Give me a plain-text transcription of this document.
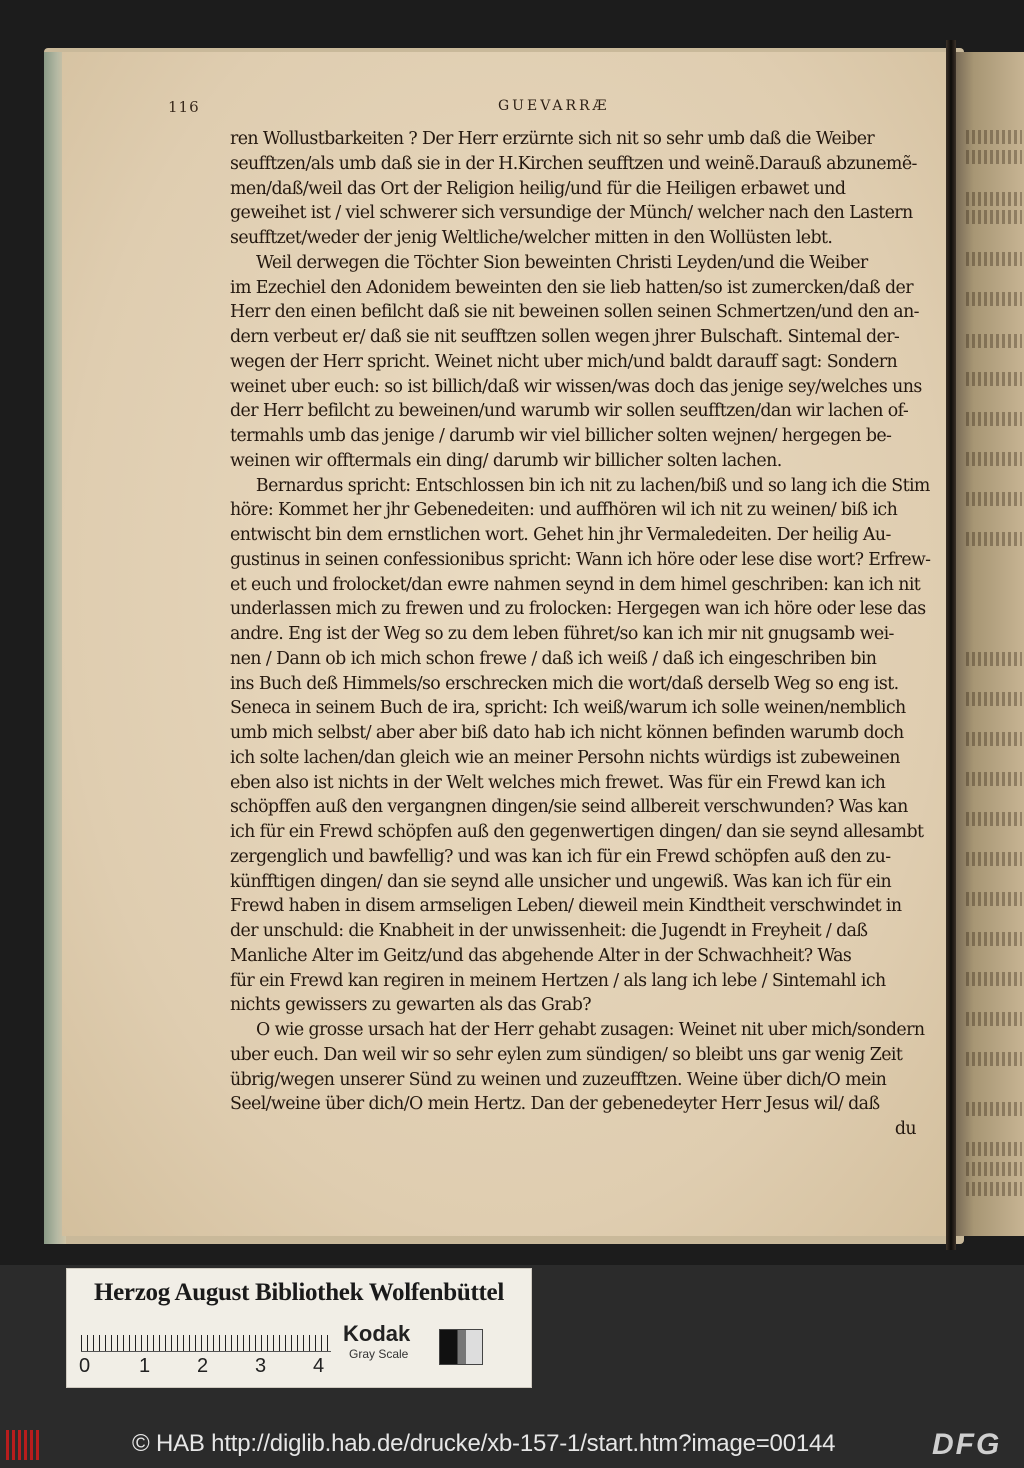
116	GUEVARRÆ
ren Wollustbarkeiten ? Der Herr erzürnte sich nit so sehr umb daß die Weiber
seufftzen/als umb daß sie in der H.Kirchen seufftzen und weinẽ.Darauß abzunemẽ-
men/daß/weil das Ort der Religion heilig/und für die Heiligen erbawet und
geweihet ist / viel schwerer sich versundige der Münch/ welcher nach den Lastern
seufftzet/weder der jenig Weltliche/welcher mitten in den Wollüsten lebt.
Weil derwegen die Töchter Sion beweinten Christi Leyden/und die Weiber
im Ezechiel den Adonidem beweinten den sie lieb hatten/so ist zumercken/daß der
Herr den einen befilcht daß sie nit beweinen sollen seinen Schmertzen/und den an-
dern verbeut er/ daß sie nit seufftzen sollen wegen jhrer Bulschaft. Sintemal der-
wegen der Herr spricht. Weinet nicht uber mich/und baldt darauff sagt: Sondern
weinet uber euch: so ist billich/daß wir wissen/was doch das jenige sey/welches uns
der Herr befilcht zu beweinen/und warumb wir sollen seufftzen/dan wir lachen of-
termahls umb das jenige / darumb wir viel billicher solten wejnen/ hergegen be-
weinen wir offtermals ein ding/ darumb wir billicher solten lachen.
Bernardus spricht: Entschlossen bin ich nit zu lachen/biß und so lang ich die Stim
höre: Kommet her jhr Gebenedeiten: und auffhören wil ich nit zu weinen/ biß ich
entwischt bin dem ernstlichen wort. Gehet hin jhr Vermaledeiten. Der heilig Au-
gustinus in seinen confessionibus spricht: Wann ich höre oder lese dise wort? Erfrew-
et euch und frolocket/dan ewre nahmen seynd in dem himel geschriben: kan ich nit
underlassen mich zu frewen und zu frolocken: Hergegen wan ich höre oder lese das
andre. Eng ist der Weg so zu dem leben führet/so kan ich mir nit gnugsamb wei-
nen / Dann ob ich mich schon frewe / daß ich weiß / daß ich eingeschriben bin
ins Buch deß Himmels/so erschrecken mich die wort/daß derselb Weg so eng ist.
Seneca in seinem Buch de ira, spricht: Ich weiß/warum ich solle weinen/nemblich
umb mich selbst/ aber aber biß dato hab ich nicht können befinden warumb doch
ich solte lachen/dan gleich wie an meiner Persohn nichts würdigs ist zubeweinen
eben also ist nichts in der Welt welches mich frewet. Was für ein Frewd kan ich
schöpffen auß den vergangnen dingen/sie seind allbereit verschwunden? Was kan
ich für ein Frewd schöpfen auß den gegenwertigen dingen/ dan sie seynd allesambt
zergenglich und bawfellig? und was kan ich für ein Frewd schöpfen auß den zu-
künfftigen dingen/ dan sie seynd alle unsicher und ungewiß. Was kan ich für ein
Frewd haben in disem armseligen Leben/ dieweil mein Kindtheit verschwindet in
der unschuld: die Knabheit in der unwissenheit: die Jugendt in Freyheit / daß
Manliche Alter im Geitz/und das abgehende Alter in der Schwachheit? Was
für ein Frewd kan regiren in meinem Hertzen / als lang ich lebe / Sintemahl ich
nichts gewissers zu gewarten als das Grab?
O wie grosse ursach hat der Herr gehabt zusagen: Weinet nit uber mich/sondern
uber euch. Dan weil wir so sehr eylen zum sündigen/ so bleibt uns gar wenig Zeit
übrig/wegen unserer Sünd zu weinen und zuzeufftzen. Weine über dich/O mein
Seel/weine über dich/O mein Hertz. Dan der gebenedeyter Herr Jesus wil/ daß
du
Herzog August Bibliothek Wolfenbüttel
0 1 2 3 4
Kodak
Gray Scale
© HAB http://diglib.hab.de/drucke/xb-157-1/start.htm?image=00144	DFG
